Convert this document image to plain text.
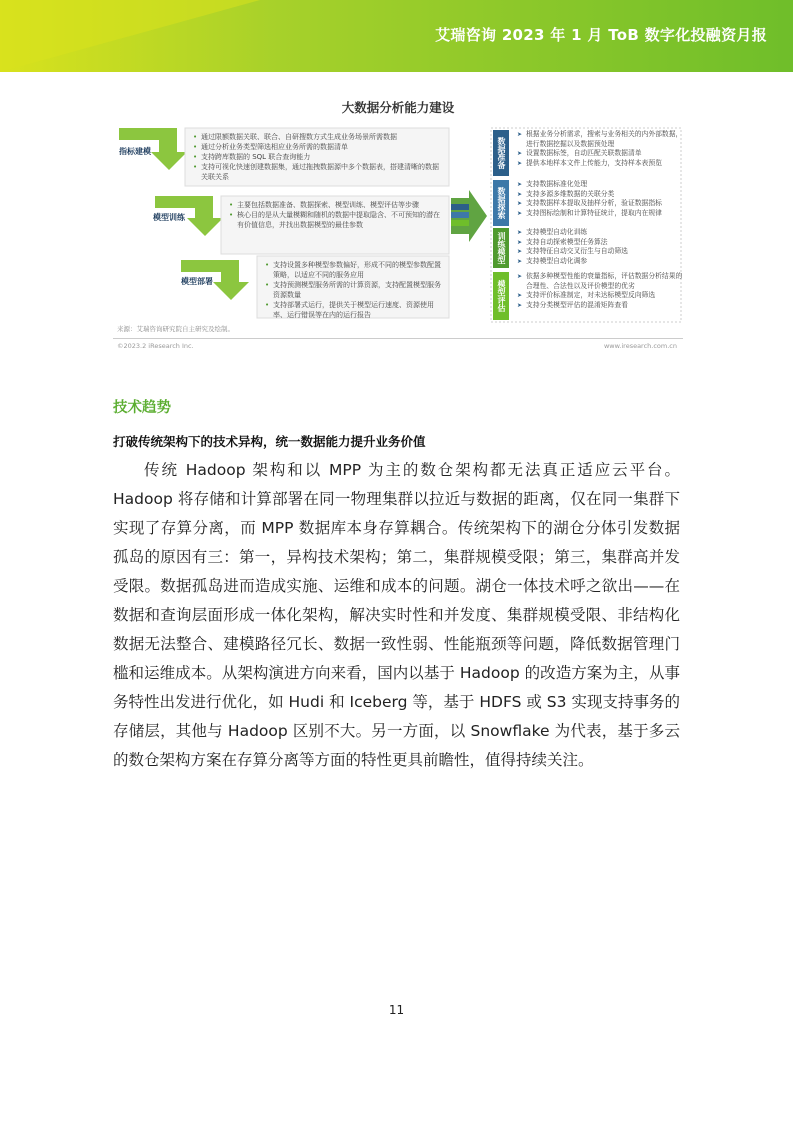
艾瑞咨询 2023 年 1 月 ToB 数字化投融资月报
大数据分析能力建设
指标建模
• 通过限额数据关联、联合、自研搜数方式生成业务场景所需数据
• 通过分析业务类型筛选相应业务所需的数据清单
• 支持跨库数据的 SQL 联合查询能力
• 支持可视化快速创建数据集，通过拖拽数据源中多个数据表，搭建清晰的数据关联关系
模型训练
• 主要包括数据准备、数据探索、模型训练、模型评估等步骤
• 核心目的是从大量模糊和随机的数据中提取隐含、不可预知的潜在有价值信息，并找出数据模型的最佳参数
模型部署
• 支持设置多种模型参数偏好，形成不同的模型参数配置策略，以适应不同的服务应用
• 支持预测模型服务所需的计算资源，支持配置模型服务资源数量
• 支持部署式运行，提供关于模型运行速度、资源使用率、运行错误等在内的运行报告
数据准备
➤ 根据业务分析需求，搜索与业务相关的内外部数据，进行数据挖掘以及数据预处理
➤ 设置数据标签，自动匹配关联数据清单
➤ 提供本地样本文件上传能力，支持样本表预览
数据探索
➤ 支持数据标准化处理
➤ 支持多源多维数据的关联分类
➤ 支持数据样本提取及抽样分析，验证数据指标
➤ 支持图标绘制和计算特征统计，提取内在规律
训练模型
➤	支持模型自动化训练
➤ 支持自动探索模型任务算法
➤ 支持特征自动交叉衍生与自动筛选
➤ 支持模型自动化调参
模型评估
➤ 依据多种模型性能的衰量指标，评估数据分析结果的合理性、合法性以及评价模型的优劣
➤ 支持评价标准制定，对未达标模型反向筛选
➤ 支持分类模型评估的混淆矩阵查看
来源：艾瑞咨询研究院自主研究及绘制。
©2023.2 iResearch Inc.	www.iresearch.com.cn
技术趋势
打破传统架构下的技术异构，统一数据能力提升业务价值
传统 Hadoop 架构和以 MPP 为主的数仓架构都无法真正适应云平台。Hadoop 将存储和计算部署在同一物理集群以拉近与数据的距离，仅在同一集群下实现了存算分离，而 MPP 数据库本身存算耦合。传统架构下的湖仓分体引发数据孤岛的原因有三：第一，异构技术架构；第二，集群规模受限；第三，集群高并发受限。数据孤岛进而造成实施、运维和成本的问题。湖仓一体技术呼之欲出——在数据和查询层面形成一体化架构，解决实时性和并发度、集群规模受限、非结构化数据无法整合、建模路径冗长、数据一致性弱、性能瓶颈等问题，降低数据管理门槛和运维成本。从架构演进方向来看，国内以基于 Hadoop 的改造方案为主，从事务特性出发进行优化，如 Hudi 和 Iceberg 等，基于 HDFS 或 S3 实现支持事务的存储层，其他与 Hadoop 区别不大。另一方面，以 Snowflake 为代表，基于多云的数仓架构方案在存算分离等方面的特性更具前瞻性，值得持续关注。
11
